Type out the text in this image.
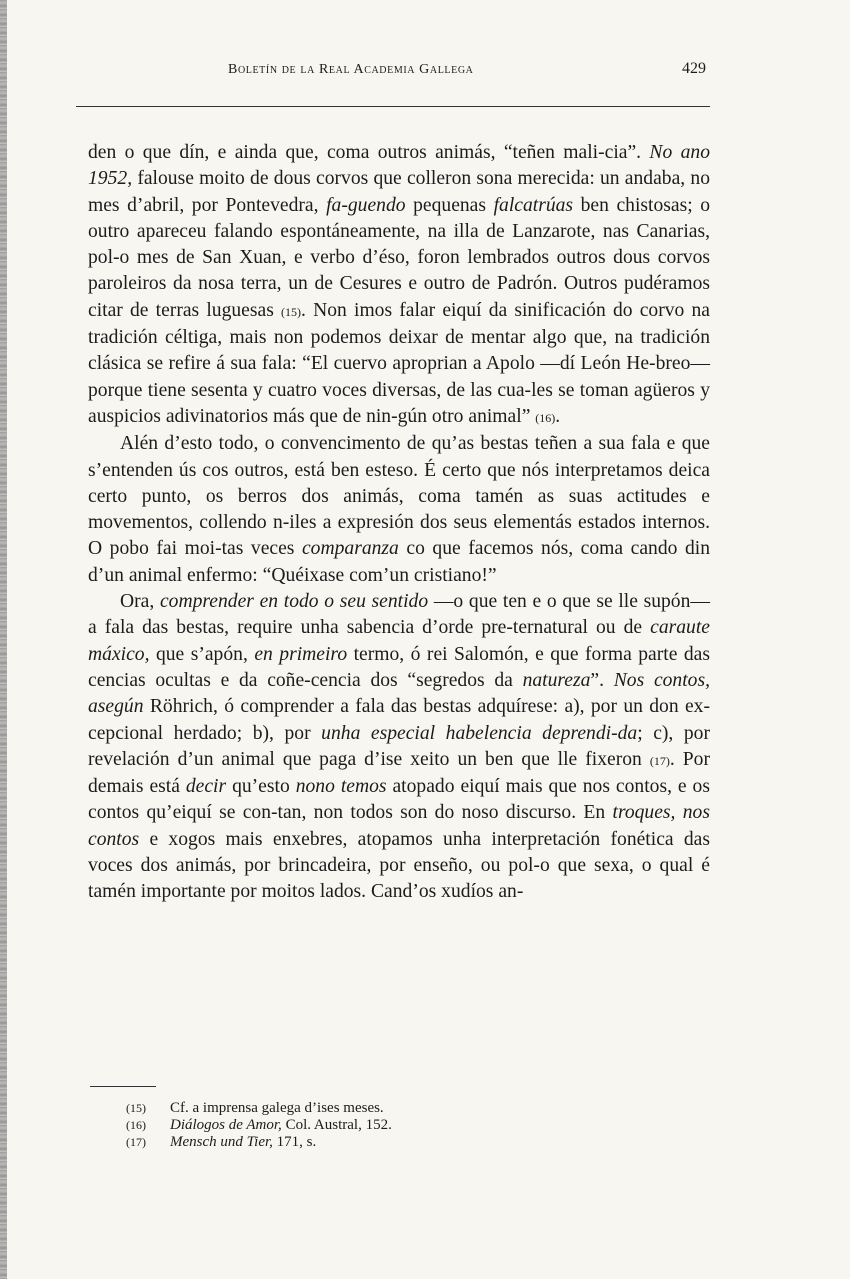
Boletín de la Real Academia Gallega	429

den o que dín, e ainda que, coma outros animás, “teñen mali-cia”. No ano 1952, falouse moito de dous corvos que colleron sona merecida: un andaba, no mes d’abril, por Pontevedra, fa-guendo pequenas falcatrúas ben chistosas; o outro apareceu falando espontáneamente, na illa de Lanzarote, nas Canarias, pol-o mes de San Xuan, e verbo d’éso, foron lembrados outros dous corvos paroleiros da nosa terra, un de Cesures e outro de Padrón. Outros pudéramos citar de terras luguesas (15). Non imos falar eiquí da sinificación do corvo na tradición céltiga, mais non podemos deixar de mentar algo que, na tradición clásica se refire á sua fala: “El cuervo aproprian a Apolo —dí León He-breo— porque tiene sesenta y cuatro voces diversas, de las cua-les se toman agüeros y auspicios adivinatorios más que de nin-gún otro animal” (16).

Alén d’esto todo, o convencimento de qu’as bestas teñen a sua fala e que s’entenden ús cos outros, está ben esteso. É certo que nós interpretamos deica certo punto, os berros dos animás, coma tamén as suas actitudes e movementos, collendo n-iles a expresión dos seus elementás estados internos. O pobo fai moi-tas veces comparanza co que facemos nós, coma cando din d’un animal enfermo: “Quéixase com’un cristiano!”

Ora, comprender en todo o seu sentido —o que ten e o que se lle supón— a fala das bestas, require unha sabencia d’orde pre-ternatural ou de caraute máxico, que s’apón, en primeiro termo, ó rei Salomón, e que forma parte das cencias ocultas e da coñe-cencia dos “segredos da natureza”. Nos contos, asegún Röhrich, ó comprender a fala das bestas adquírese: a), por un don ex-cepcional herdado; b), por unha especial habelencia deprendi-da; c), por revelación d’un animal que paga d’ise xeito un ben que lle fixeron (17). Por demais está decir qu’esto nono temos atopado eiquí mais que nos contos, e os contos qu’eiquí se con-tan, non todos son do noso discurso. En troques, nos contos e xogos mais enxebres, atopamos unha interpretación fonética das voces dos animás, por brincadeira, por enseño, ou pol-o que sexa, o qual é tamén importante por moitos lados. Cand’os xudíos an-

(15)	Cf. a imprensa galega d’ises meses.
(16)	Diálogos de Amor, Col. Austral, 152.
(17)	Mensch und Tier, 171, s.
